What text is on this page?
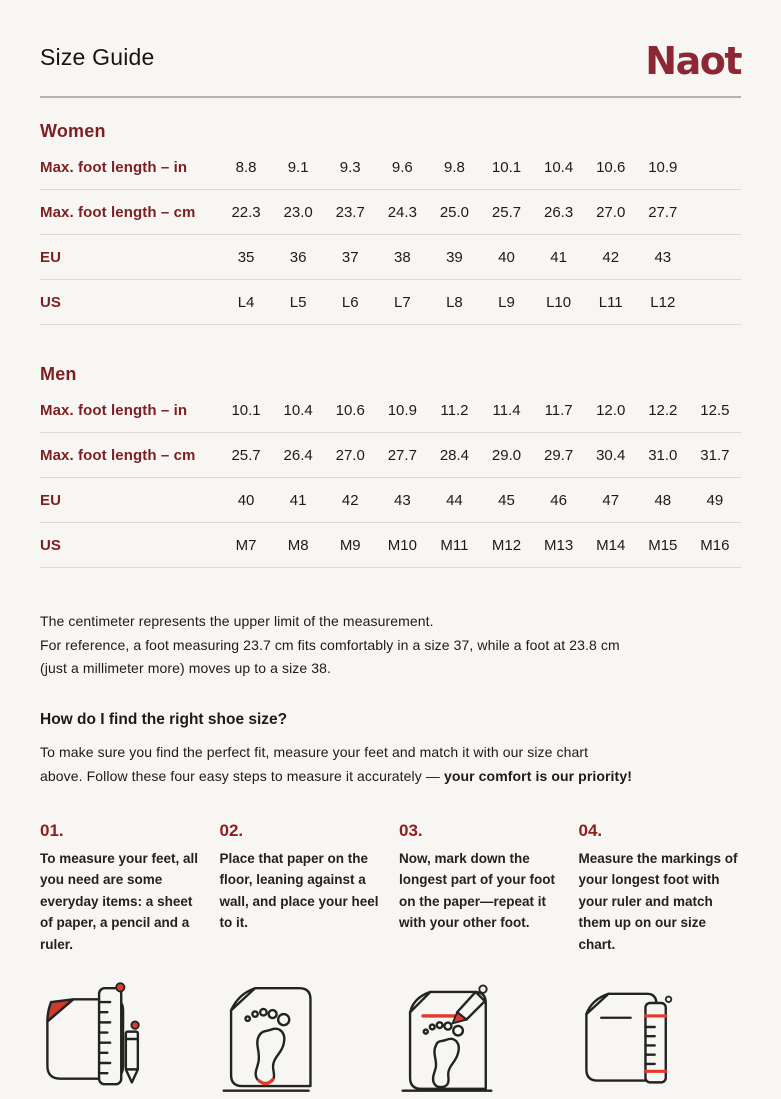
Size Guide	Naot
Women
Max. foot length – in	8.8	9.1	9.3	9.6	9.8	10.1	10.4	10.6	10.9
Max. foot length – cm	22.3	23.0	23.7	24.3	25.0	25.7	26.3	27.0	27.7
EU	35	36	37	38	39	40	41	42	43
US	L4	L5	L6	L7	L8	L9	L10	L11	L12
Men
Max. foot length – in	10.1	10.4	10.6	10.9	11.2	11.4	11.7	12.0	12.2	12.5
Max. foot length – cm	25.7	26.4	27.0	27.7	28.4	29.0	29.7	30.4	31.0	31.7
EU	40	41	42	43	44	45	46	47	48	49
US	M7	M8	M9	M10	M11	M12	M13	M14	M15	M16

The centimeter represents the upper limit of the measurement.

For reference, a foot measuring 23.7 cm fits comfortably in a size 37, while a foot at 23.8 cm

(just a millimeter more) moves up to a size 38.

How do I find the right shoe size?

To make sure you find the perfect fit, measure your feet and match it with our size chart
above. Follow these four easy steps to measure it accurately — your comfort is our priority!

01.
To measure your feet, all you need are some everyday items: a sheet of paper, a pencil and a ruler.
02.
Place that paper on the floor, leaning against a wall, and place your heel to it.
03.
Now, mark down the longest part of your foot on the paper—repeat it with your other foot.
04.
Measure the markings of your longest foot with your ruler and match them up on our size chart.
